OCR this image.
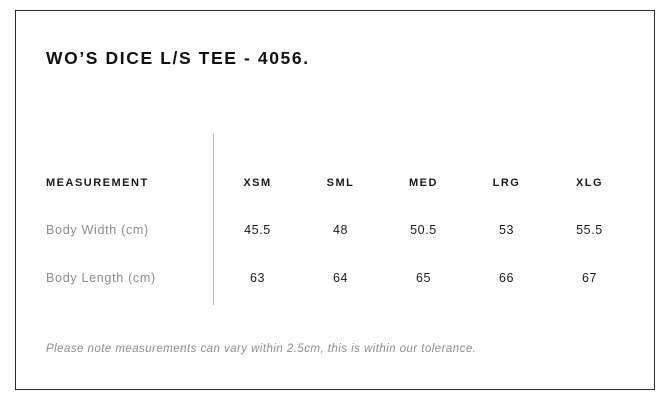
WO’S DICE L/S TEE - 4056.
MEASUREMENT	XSM	SML	MED	LRG	XLG
Body Width (cm)	45.5	48	50.5	53	55.5
Body Length (cm)	63	64	65	66	67
Please note measurements can vary within 2.5cm, this is within our tolerance.
